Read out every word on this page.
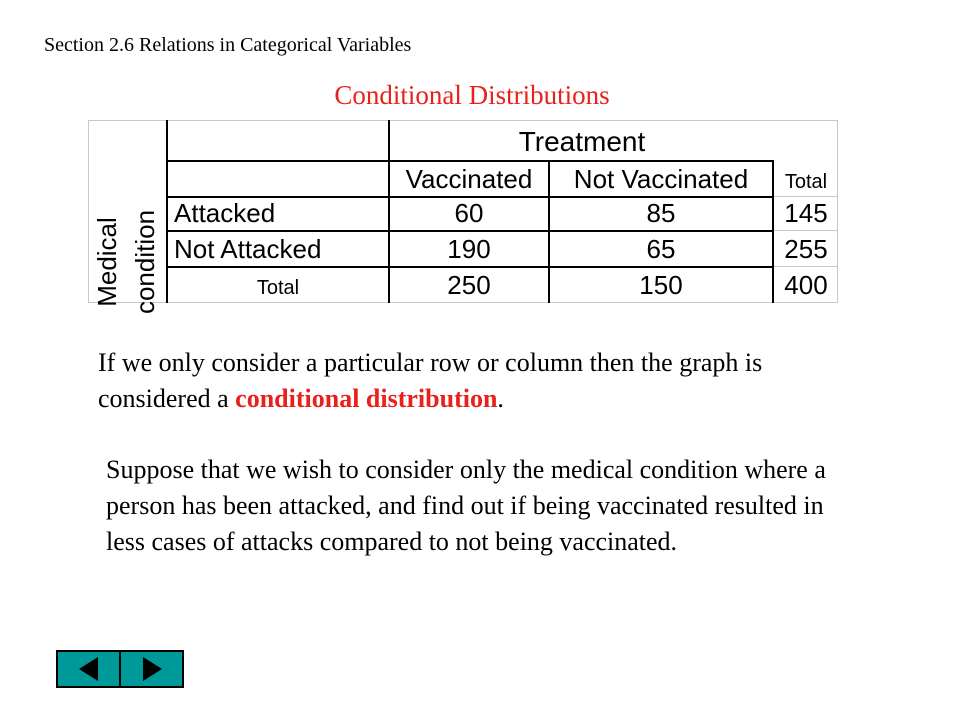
Section 2.6 Relations in Categorical Variables
Conditional Distributions
Medical condition
Treatment
Vaccinated	Not Vaccinated	Total
Attacked	60	85	145
Not Attacked	190	65	255
Total	250	150	400
If we only consider a particular row or column then the graph is considered a conditional distribution.
Suppose that we wish to consider only the medical condition where a person has been attacked, and find out if being vaccinated resulted in less cases of attacks compared to not being vaccinated.
